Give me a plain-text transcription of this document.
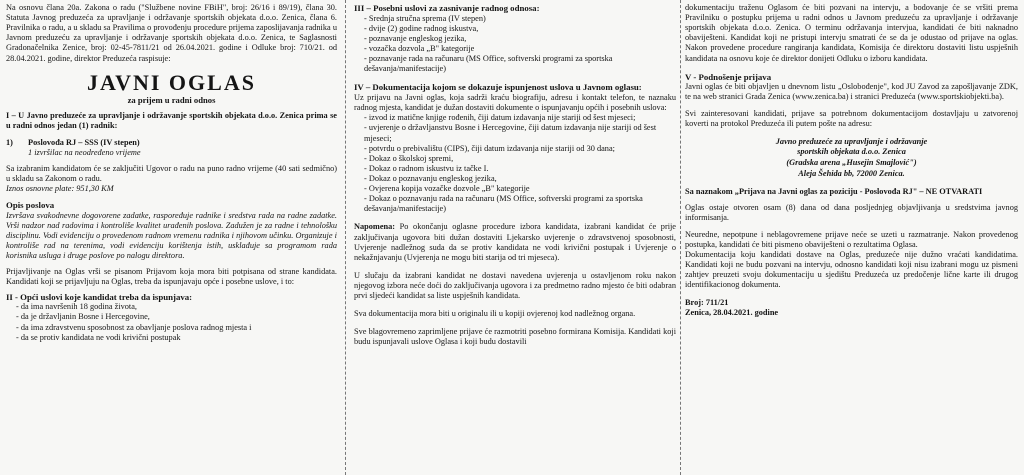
Na osnovu člana 20a. Zakona o radu ("Službene novine FBiH", broj: 26/16 i 89/19), člana 30. Statuta Javnog preduzeća za upravljanje i održavanje sportskih objekata d.o.o. Zenica, člana 6. Pravilnika o radu, a u skladu sa Pravilima o provođenju procedure prijema zaposlijavanja radnika u Javnom preduzeću za upravljanje i održavanje sportskih objekata d.o.o. Zenica, te Saglasnosti Gradonačelnika Zenice, broj: 02-45-7811/21 od 26.04.2021. godine i Odluke broj: 710/21. od 28.04.2021. godine, direktor Preduzeća raspisuje:

JAVNI OGLAS
za prijem u radni odnos

I – U Javno preduzeće za upravljanje i održavanje sportskih objekata d.o.o. Zenica prima se u radni odnos jedan (1) radnik:

1)	Poslovođa RJ – SSS (IV stepen)
1 izvršilac na neodređeno vrijeme

Sa izabranim kandidatom će se zaključiti Ugovor o radu na puno radno vrijeme (40 sati sedmično) u skladu sa Zakonom o radu.

Iznos osnovne plate: 951,30 KM

Opis poslova

Izvršava svakodnevne dogovorene zadatke, raspoređuje radnike i sredstva rada na radne zadatke. Vrši nadzor nad radovima i kontroliše kvalitet urađenih poslova. Zadužen je za radne i tehnološku disciplinu. Vodi evidenciju o provedenom radnom vremenu radnika i njihovom učinku. Organizuje i kontroliše rad na terenima, vodi evidenciju korištenja istih, usklađuje sa programom rada korisnika usluga i druge poslove po nalogu direktora.

Prijavljivanje na Oglas vrši se pisanom Prijavom koja mora biti potpisana od strane kandidata. Kandidati koji se prijavljuju na Oglas, treba da ispunjavaju opće i posebne uslove, i to:

II - Opći uslovi koje kandidat treba da ispunjava:

- da ima navršenih 18 godina života,
- da je državljanin Bosne i Hercegovine,
- da ima zdravstvenu sposobnost za obavljanje poslova radnog mjesta i
- da se protiv kandidata ne vodi krivični postupak

III – Posebni uslovi za zasnivanje radnog odnosa:

- Srednja stručna sprema (IV stepen)
- dvije (2) godine radnog iskustva,
- poznavanje engleskog jezika,
- vozačka dozvola „B" kategorije
- poznavanje rada na računaru (MS Office, softverski programi za sportska dešavanja/manifestacije)

IV – Dokumentacija kojom se dokazuje ispunjenost uslova u Javnom oglasu:

Uz prijavu na Javni oglas, koja sadrži kraću biografiju, adresu i kontakt telefon, te naznaku radnog mjesta, kandidat je dužan dostaviti dokumente o ispunjavanju općih i posebnih uslova:

- izvod iz matične knjige rođenih, čiji datum izdavanja nije stariji od šest mjeseci;
- uvjerenje o državljanstvu Bosne i Hercegovine, čiji datum izdavanja nije stariji od šest mjeseci;
- potvrdu o prebivalištu (CIPS), čiji datum izdavanja nije stariji od 30 dana;
- Dokaz o školskoj spremi,
- Dokaz o radnom iskustvu iz tačke I.
- Dokaz o poznavanju engleskog jezika,
- Ovjerena kopija vozačke dozvole „B" kategorije
- Dokaz o poznavanju rada na računaru (MS Office, softverski programi za sportska dešavanja/manifestacije)

Napomena: Po okončanju oglasne procedure izbora kandidata, izabrani kandidat će prije zaključivanja ugovora biti dužan dostaviti Ljekarsko uvjerenje o zdravstvenoj sposobnosti, Uvjerenje nadležnog suda da se protiv kandidata ne vodi krivični postupak i Uvjerenje o nekažnjavanju (Uvjerenja ne mogu biti starija od tri mjeseca).

U slučaju da izabrani kandidat ne dostavi navedena uvjerenja u ostavljenom roku nakon njegovog izbora neće doći do zaključivanja ugovora i za predmetno radno mjesto će biti odabran prvi sljedeći kandidat sa liste uspješnih kandidata.

Sva dokumentacija mora biti u originalu ili u kopiji ovjerenoj kod nadležnog organa.

Sve blagovremeno zaprimljene prijave će razmotriti posebno formirana Komisija. Kandidati koji budu ispunjavali uslove Oglasa i koji budu dostavili

dokumentaciju traženu Oglasom će biti pozvani na intervju, a bodovanje će se vršiti prema Pravilniku o postupku prijema u radni odnos u Javnom preduzeću za upravljanje i održavanje sportskih objekata d.o.o. Zenica. O terminu održavanja intervjua, kandidati će biti naknadno obaviješteni. Kandidat koji ne pristupi intervju smatrati će se da je odustao od prijave na oglas. Nakon provedene procedure rangiranja kandidata, Komisija će direktoru dostaviti listu uspješnih kandidata na osnovu koje će direktor donijeti Odluku o izboru kandidata.

V - Podnošenje prijava

Javni oglas će biti objavljen u dnevnom listu „Oslobođenje", kod JU Zavod za zapošljavanje ZDK, te na web stranici Grada Zenica (www.zenica.ba) i stranici Preduzeća (www.sportskiobjekti.ba).

Svi zainteresovani kandidati, prijave sa potrebnom dokumentacijom dostavljaju u zatvorenoj koverti na protokol Preduzeća ili putem pošte na adresu:

Javno preduzeće za upravljanje i održavanje
sportskih objekata d.o.o. Zenica
(Gradska arena „Husejin Smajlović")
Aleja Šehida bb, 72000 Zenica.

Sa naznakom „Prijava na Javni oglas za poziciju - Poslovođa RJ" – NE OTVARATI

Oglas ostaje otvoren osam (8) dana od dana posljednjeg objavljivanja u sredstvima javnog informisanja.

Neurednе, nepotpune i neblagovremene prijave neće se uzeti u razmatranje. Nakon provedenog postupka, kandidati će biti pismeno obaviješteni o rezultatima Oglasa.

Dokumentacija koju kandidati dostave na Oglas, preduzeće nije dužno vraćati kandidatima. Kandidati koji ne budu pozvani na intervju, odnosno kandidati koji nisu izabrani mogu uz pismeni zahtjev preuzeti svoju dokumentaciju u sjedištu Preduzeća uz predočenje lične karte ili drugog identifikacionog dokumenta.

Broj: 711/21

Zenica, 28.04.2021. godine
